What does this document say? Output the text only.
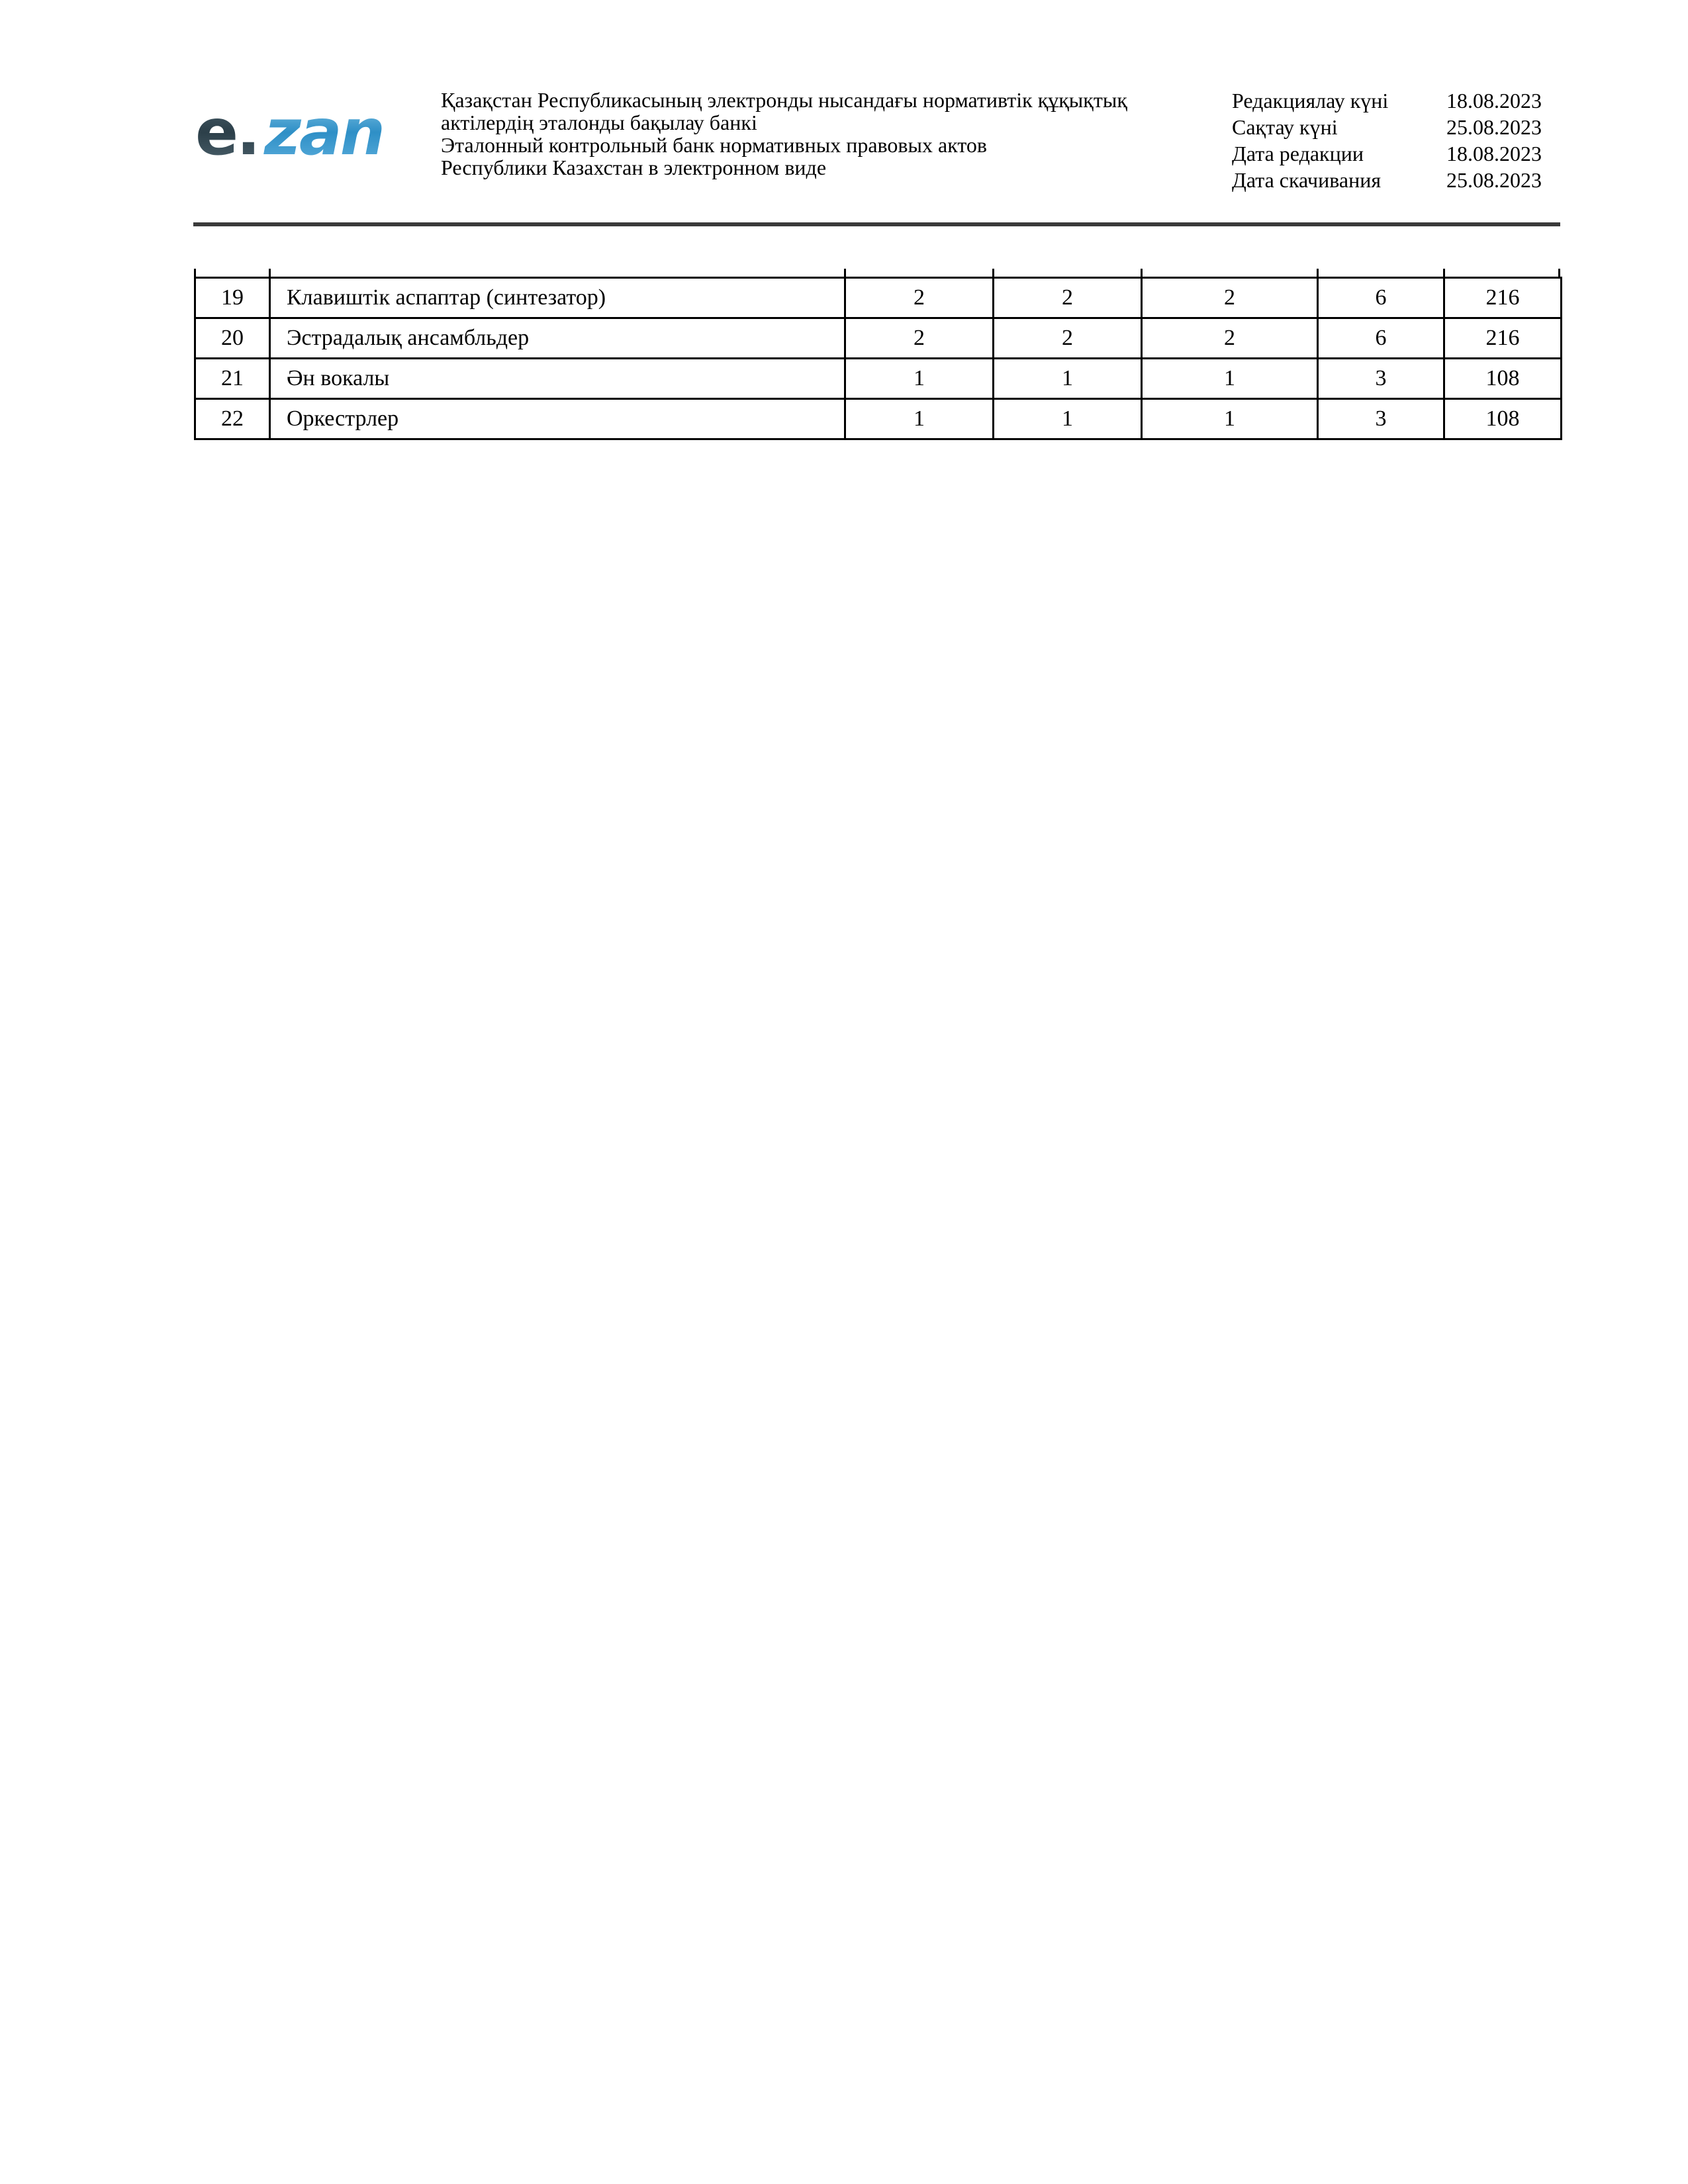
e. zan	Қазақстан Республикасының электронды нысандағы нормативтік құқықтық
актілердің эталонды бақылау банкі
Эталонный контрольный банк нормативных правовых актов
Республики Казахстан в электронном виде
Редакциялау күні	18.08.2023
Сақтау күні	25.08.2023
Дата редакции	18.08.2023
Дата скачивания	25.08.2023
19	Клавиштік аспаптар (синтезатор)	2	2	2	6	216
20	Эстрадалық ансамбльдер	2	2	2	6	216
21	Ән вокалы	1	1	1	3	108
22	Оркестрлер	1	1	1	3	108
